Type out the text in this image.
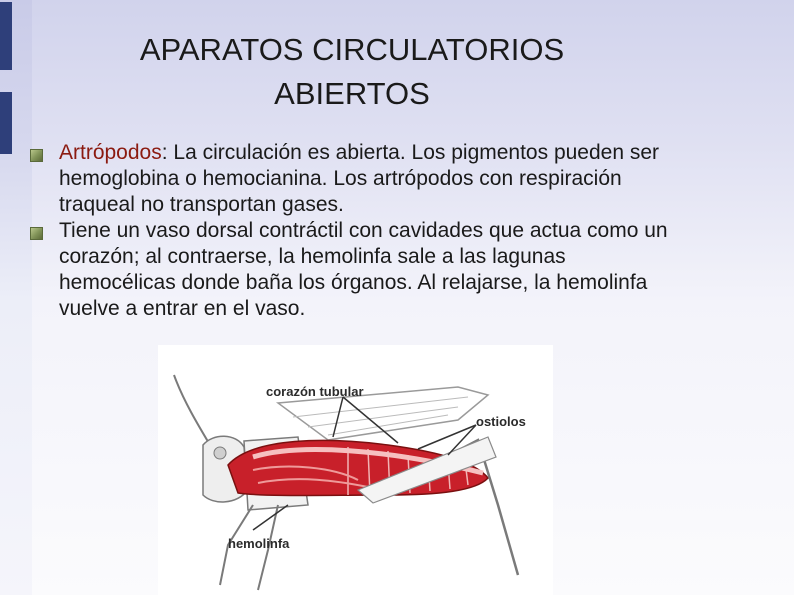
APARATOS CIRCULATORIOS
ABIERTOS
Artrópodos: La circulación es abierta. Los pigmentos pueden ser hemoglobina o hemocianina. Los artrópodos con respiración traqueal no transportan gases.
Tiene un vaso dorsal contráctil con cavidades que actua como un corazón; al contraerse, la hemolinfa sale a las lagunas hemocélicas donde baña los órganos. Al relajarse, la hemolinfa vuelve a entrar en el vaso.
corazón tubular
ostiolos
hemolinfa
